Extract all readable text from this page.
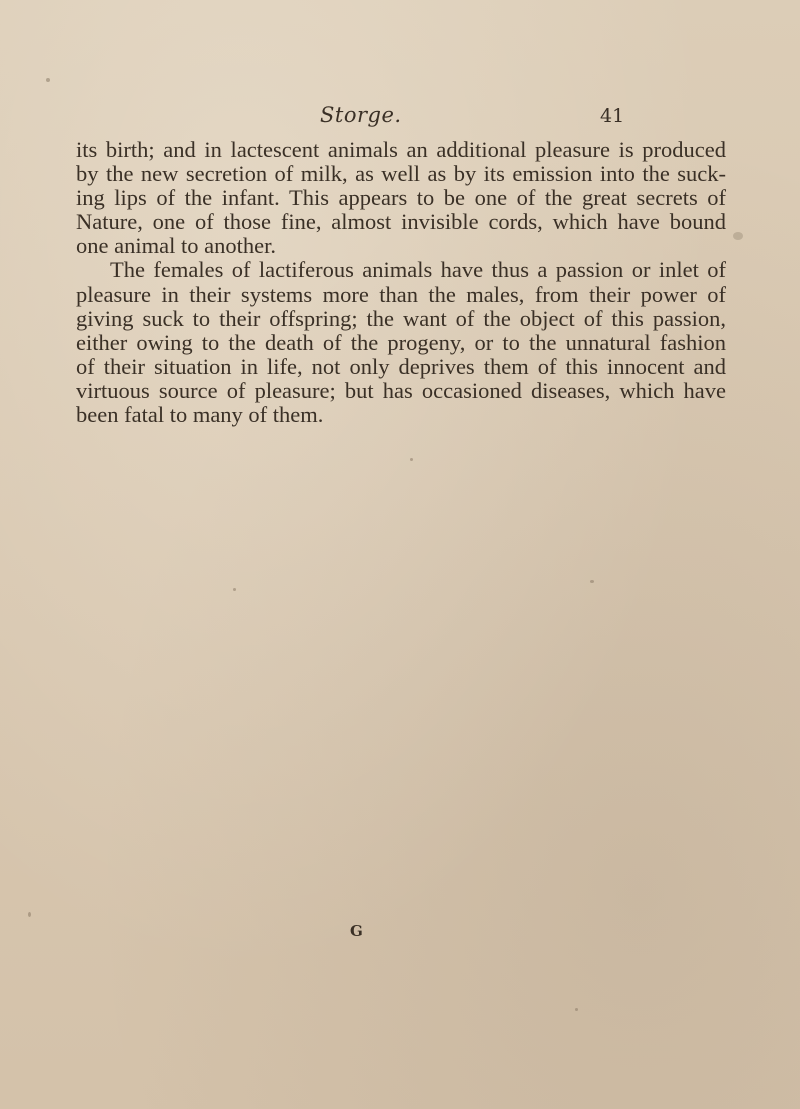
Storge.	41
its birth; and in lactescent animals an additional pleasure is produced
by the new secretion of milk, as well as by its emission into the suck-
ing lips of the infant. This appears to be one of the great secrets of
Nature, one of those fine, almost invisible cords, which have bound
one animal to another.
The females of lactiferous animals have thus a passion or inlet of
pleasure in their systems more than the males, from their power of
giving suck to their offspring; the want of the object of this passion,
either owing to the death of the progeny, or to the unnatural fashion
of their situation in life, not only deprives them of this innocent and
virtuous source of pleasure; but has occasioned diseases, which have
been fatal to many of them.
G
